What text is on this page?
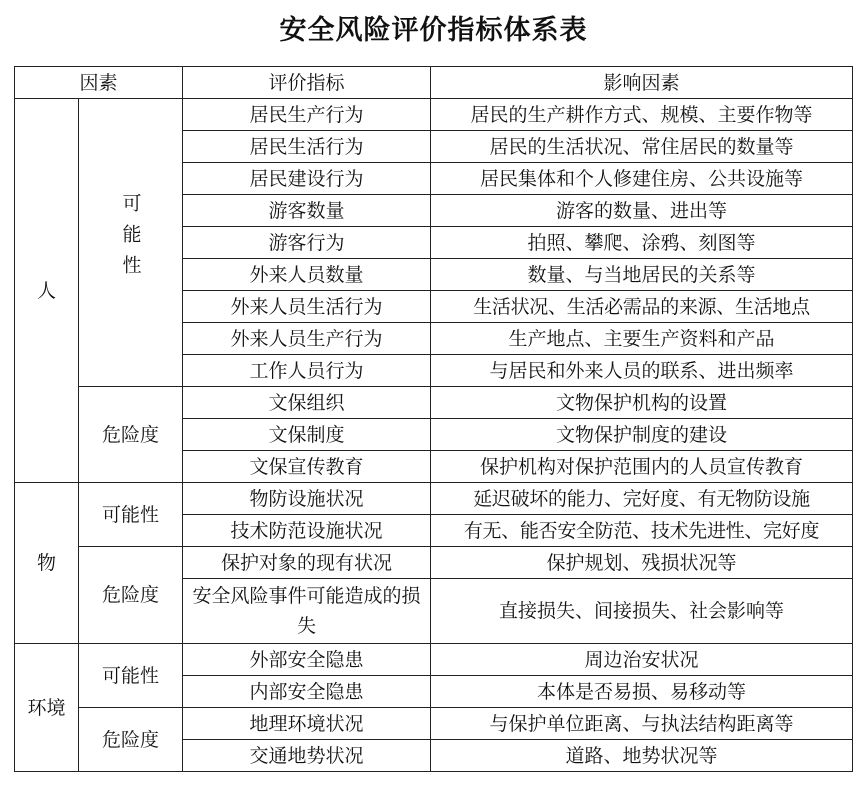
安全风险评价指标体系表
因素		评价指标	影响因素
人	可能性	居民生产行为	居民的生产耕作方式、规模、主要作物等
		居民生活行为	居民的生活状况、常住居民的数量等
		居民建设行为	居民集体和个人修建住房、公共设施等
		游客数量	游客的数量、进出等
		游客行为	拍照、攀爬、涂鸦、刻图等
		外来人员数量	数量、与当地居民的关系等
		外来人员生活行为	生活状况、生活必需品的来源、生活地点
		外来人员生产行为	生产地点、主要生产资料和产品
		工作人员行为	与居民和外来人员的联系、进出频率
	危险度	文保组织	文物保护机构的设置
		文保制度	文物保护制度的建设
		文保宣传教育	保护机构对保护范围内的人员宣传教育
物	可能性	物防设施状况	延迟破坏的能力、完好度、有无物防设施
		技术防范设施状况	有无、能否安全防范、技术先进性、完好度
	危险度	保护对象的现有状况	保护规划、残损状况等
		安全风险事件可能造成的损失	直接损失、间接损失、社会影响等

环境	可能性	外部安全隐患	周边治安状况
		内部安全隐患	本体是否易损、易移动等
	危险度	地理环境状况	与保护单位距离、与执法结构距离等
		交通地势状况	道路、地势状况等
